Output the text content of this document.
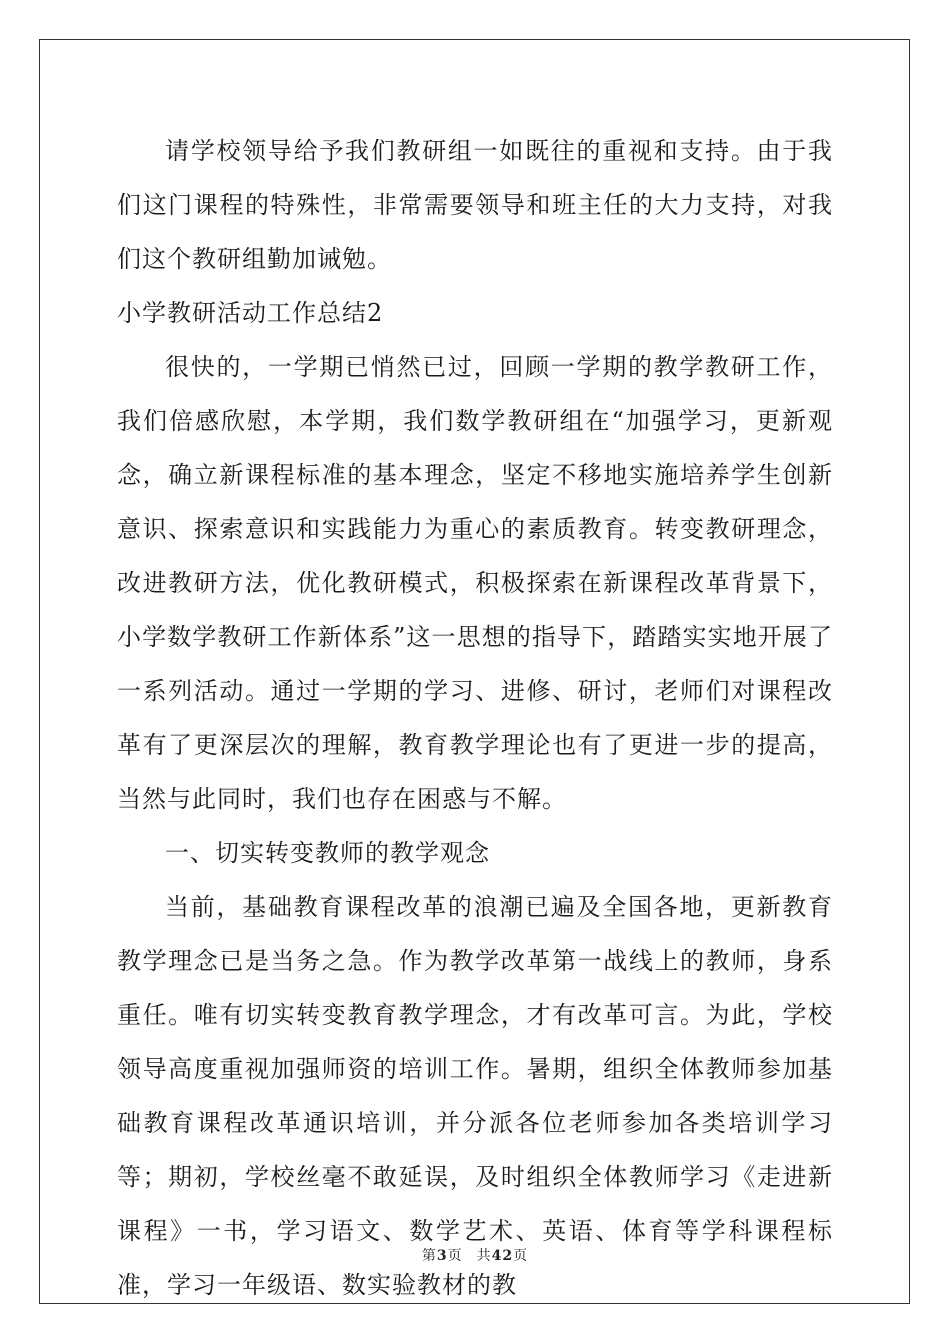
请学校领导给予我们教研组一如既往的重视和支持。由于我们这门课程的特殊性，非常需要领导和班主任的大力支持，对我们这个教研组勤加诫勉。

小学教研活动工作总结2

很快的，一学期已悄然已过，回顾一学期的教学教研工作，我们倍感欣慰，本学期，我们数学教研组在“加强学习，更新观念，确立新课程标准的基本理念，坚定不移地实施培养学生创新意识、探索意识和实践能力为重心的素质教育。转变教研理念，改进教研方法，优化教研模式，积极探索在新课程改革背景下，小学数学教研工作新体系”这一思想的指导下，踏踏实实地开展了一系列活动。通过一学期的学习、进修、研讨，老师们对课程改革有了更深层次的理解，教育教学理论也有了更进一步的提高，当然与此同时，我们也存在困惑与不解。

一、切实转变教师的教学观念

当前，基础教育课程改革的浪潮已遍及全国各地，更新教育教学理念已是当务之急。作为教学改革第一战线上的教师，身系重任。唯有切实转变教育教学理念，才有改革可言。为此，学校领导高度重视加强师资的培训工作。暑期，组织全体教师参加基础教育课程改革通识培训，并分派各位老师参加各类培训学习等；期初，学校丝毫不敢延误，及时组织全体教师学习《走进新课程》一书，学习语文、数学艺术、英语、体育等学科课程标准，学习一年级语、数实验教材的教

第3页 共42页
